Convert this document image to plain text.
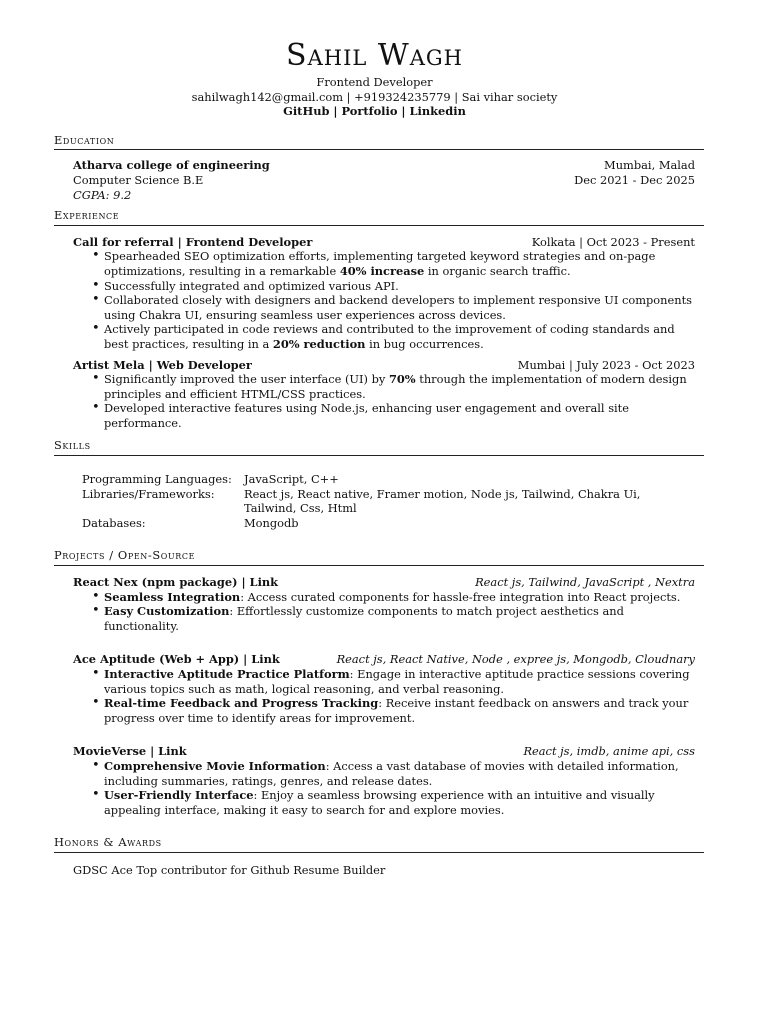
Sahil Wagh
Frontend Developer
sahilwagh142@gmail.com | +919324235779 | Sai vihar society
GitHub | Portfolio | Linkedin
Education
Atharva college of engineering	Mumbai, Malad
Computer Science B.E	Dec 2021 - Dec 2025
CGPA: 9.2
Experience
Call for referral | Frontend Developer	Kolkata | Oct 2023 - Present
• Spearheaded SEO optimization efforts, implementing targeted keyword strategies and on-page optimizations, resulting in a remarkable 40% increase in organic search traffic.
• Successfully integrated and optimized various API.
• Collaborated closely with designers and backend developers to implement responsive UI components using Chakra UI, ensuring seamless user experiences across devices.
• Actively participated in code reviews and contributed to the improvement of coding standards and best practices, resulting in a 20% reduction in bug occurrences.
Artist Mela | Web Developer	Mumbai | July 2023 - Oct 2023
• Significantly improved the user interface (UI) by 70% through the implementation of modern design principles and efficient HTML/CSS practices.
• Developed interactive features using Node.js, enhancing user engagement and overall site performance.
Skills
Programming Languages:	JavaScript, C++
Libraries/Frameworks:	React js, React native, Framer motion, Node js, Tailwind, Chakra Ui, Tailwind, Css, Html
Databases:	Mongodb
Projects / Open-Source
React Nex (npm package) | Link	React js, Tailwind, JavaScript , Nextra
• Seamless Integration: Access curated components for hassle-free integration into React projects.
• Easy Customization: Effortlessly customize components to match project aesthetics and functionality.
Ace Aptitude (Web + App) | Link	React js, React Native, Node , expree js, Mongodb, Cloudnary
• Interactive Aptitude Practice Platform: Engage in interactive aptitude practice sessions covering various topics such as math, logical reasoning, and verbal reasoning.
• Real-time Feedback and Progress Tracking: Receive instant feedback on answers and track your progress over time to identify areas for improvement.
MovieVerse | Link	React js, imdb, anime api, css
• Comprehensive Movie Information: Access a vast database of movies with detailed information, including summaries, ratings, genres, and release dates.
• User-Friendly Interface: Enjoy a seamless browsing experience with an intuitive and visually appealing interface, making it easy to search for and explore movies.
Honors & Awards
GDSC Ace Top contributor for Github Resume Builder
